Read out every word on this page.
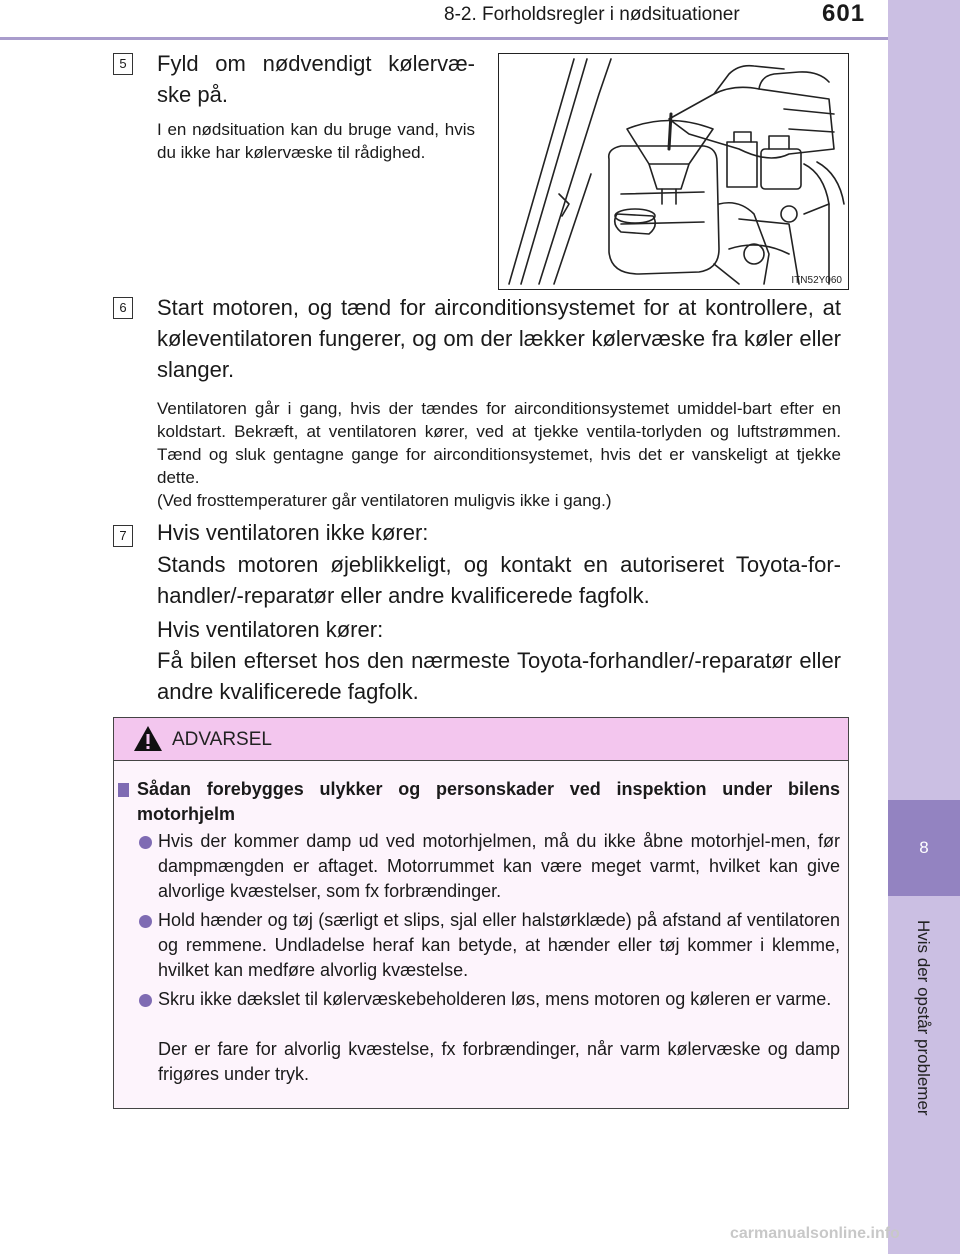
8-2. Forholdsregler i nødsituationer	601
8
Hvis der opstår problemer
5 Fyld om nødvendigt kølervæ-ske på.
I en nødsituation kan du bruge vand, hvis du ikke har kølervæske til rådighed.
ITN52Y060
6 Start motoren, og tænd for airconditionsystemet for at kontrollere, at køleventilatoren fungerer, og om der lækker kølervæske fra køler eller slanger.
Ventilatoren går i gang, hvis der tændes for airconditionsystemet umiddel-bart efter en koldstart. Bekræft, at ventilatoren kører, ved at tjekke ventila-torlyden og luftstrømmen. Tænd og sluk gentagne gange for airconditionsystemet, hvis det er vanskeligt at tjekke dette.
(Ved frosttemperaturer går ventilatoren muligvis ikke i gang.)
7 Hvis ventilatoren ikke kører:
Stands motoren øjeblikkeligt, og kontakt en autoriseret Toyota-for-handler/-reparatør eller andre kvalificerede fagfolk.
Hvis ventilatoren kører:
Få bilen efterset hos den nærmeste Toyota-forhandler/-reparatør eller andre kvalificerede fagfolk.
ADVARSEL
Sådan forebygges ulykker og personskader ved inspektion under bilens motorhjelm
Hvis der kommer damp ud ved motorhjelmen, må du ikke åbne motorhjel-men, før dampmængden er aftaget. Motorrummet kan være meget varmt, hvilket kan give alvorlige kvæstelser, som fx forbrændinger.
Hold hænder og tøj (særligt et slips, sjal eller halstørklæde) på afstand af ventilatoren og remmene. Undladelse heraf kan betyde, at hænder eller tøj kommer i klemme, hvilket kan medføre alvorlig kvæstelse.
Skru ikke dækslet til kølervæskebeholderen løs, mens motoren og køleren er varme.
Der er fare for alvorlig kvæstelse, fx forbrændinger, når varm kølervæske og damp frigøres under tryk.
carmanualsonline.info
